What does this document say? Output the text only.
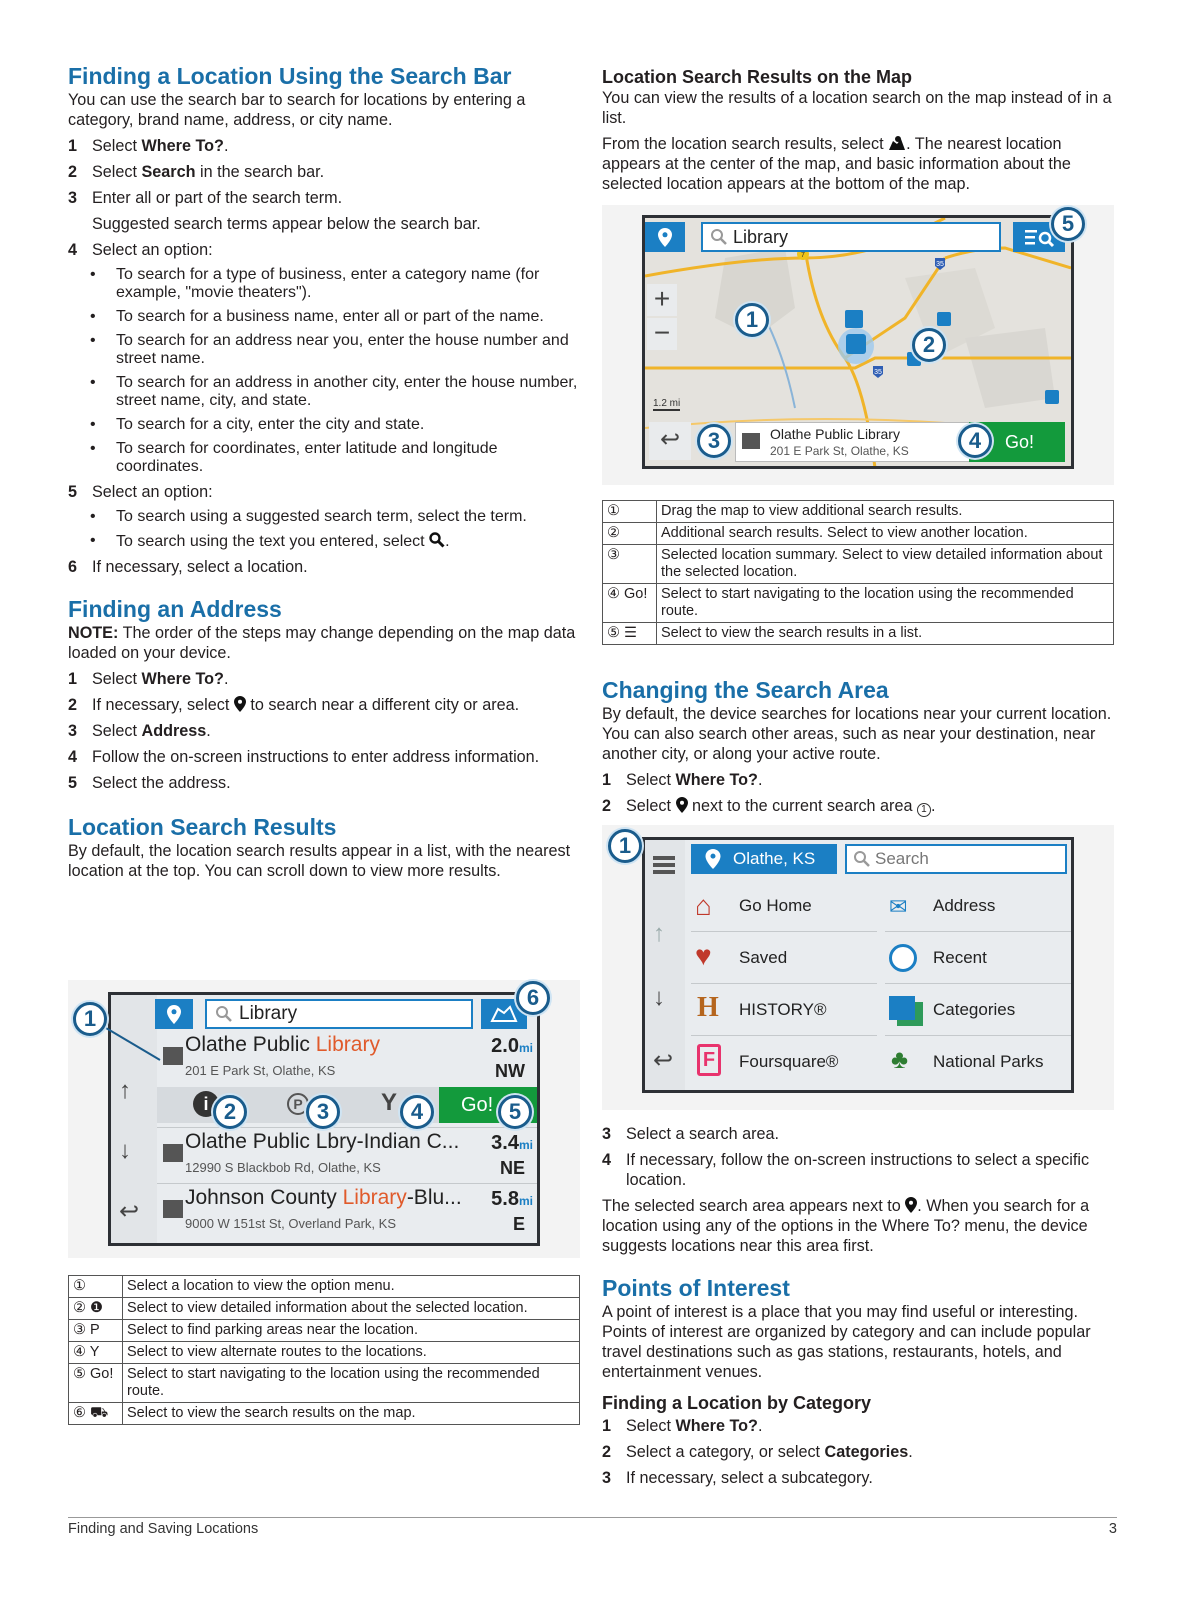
Finding a Location Using the Search Bar

You can use the search bar to search for locations by entering a category, brand name, address, or city name.

1 Select Where To?.
2 Select Search in the search bar.
3 Enter all or part of the search term.

Suggested search terms appear below the search bar.

4 Select an option:
•	To search for a type of business, enter a category name (for example, "movie theaters").
•	To search for a business name, enter all or part of the name.
•	To search for an address near you, enter the house number and street name.
•	To search for an address in another city, enter the house number, street name, city, and state.
•	To search for a city, enter the city and state.
•	To search for coordinates, enter latitude and longitude coordinates.
5 Select an option:
•	To search using a suggested search term, select the term.
•	To search using the text you entered, select .
6 If necessary, select a location.
Finding an Address

NOTE: The order of the steps may change depending on the map data loaded on your device.

1 Select Where To?.
2 If necessary, select  to search near a different city or area.
3 Select Address.
4 Follow the on-screen instructions to enter address information.
5 Select the address.
Location Search Results

By default, the location search results appear in a list, with the nearest location at the top. You can scroll down to view more results.

↑
↓
↩
Library
Olathe Public Library
201 E Park St, Olathe, KS
2.0mi
NW
i	P	Y	Go!
Olathe Public Lbry-Indian C...
12990 S Blackbob Rd, Olathe, KS
3.4mi
NE
Johnson County Library-Blu...
9000 W 151st St, Overland Park, KS
5.8mi
E
1
2	3	4	5
6
①	Select a location to view the option menu.
② ❶	Select to view detailed information about the selected location.
③ P	Select to find parking areas near the location.
④ Y	Select to view alternate routes to the locations.
⑤ Go!	Select to start navigating to the location using the recommended route.
⑥ ⛟	Select to view the search results on the map.
Location Search Results on the Map

You can view the results of a location search on the map instead of in a list.

From the location search results, select . The nearest location appears at the center of the map, and basic information about the selected location appears at the bottom of the map.

35
35
7
Library
+
−
1.2 mi
↩	Olathe Public Library
201 E Park St, Olathe, KS	Go!
1
2
3	4
5
①	Drag the map to view additional search results.
②	Additional search results. Select to view another location.
③	Selected location summary. Select to view detailed information about the selected location.
④ Go!	Select to start navigating to the location using the recommended route.
⑤ ☰	Select to view the search results in a list.
Changing the Search Area

By default, the device searches for locations near your current location. You can also search other areas, such as near your destination, near another city, or along your active route.

1 Select Where To?.
2 Select  next to the current search area 1 .
↑
↓
↩
Olathe, KS	Search
⌂ Go Home	✉ Address
♥ Saved	Recent
H HISTORY®	Categories
F	Foursquare® ♣ National Parks
1
3 Select a search area.
4 If necessary, follow the on-screen instructions to select a specific location.

The selected search area appears next to . When you search for a location using any of the options in the Where To? menu, the device suggests locations near this area first.

Points of Interest

A point of interest is a place that you may find useful or interesting. Points of interest are organized by category and can include popular travel destinations such as gas stations, restaurants, hotels, and entertainment venues.

Finding a Location by Category
1 Select Where To?.
2 Select a category, or select Categories.
3 If necessary, select a subcategory.
Finding and Saving Locations	3
